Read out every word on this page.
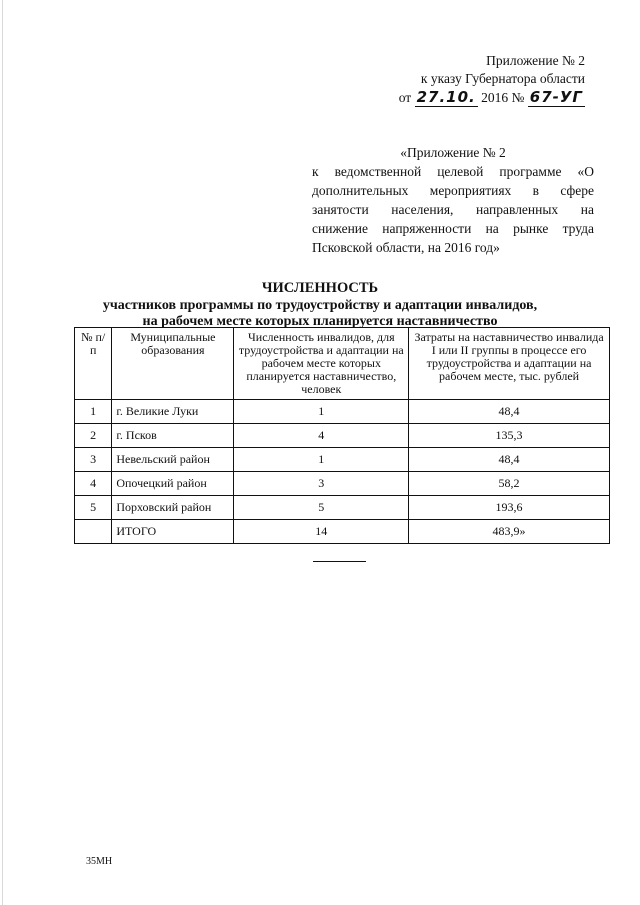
Приложение № 2
к указу Губернатора области
от 27.10. 2016 № 67-УГ
«Приложение № 2
к ведомственной целевой программе «О дополнительных мероприятиях в сфере занятости населения, направленных на снижение напряженности на рынке труда Псковской области, на 2016 год»
ЧИСЛЕННОСТЬ
участников программы по трудоустройству и адаптации инвалидов,
на рабочем месте которых планируется наставничество
№ п/п	Муниципальные образования	Численность инвалидов, для трудоустройства и адаптации на рабочем месте которых планируется наставничество, человек	Затраты на наставничество инвалида I или II группы в процессе его трудоустройства и адаптации на рабочем месте, тыс. рублей
1	г. Великие Луки	1	48,4
2	г. Псков	4	135,3
3	Невельский район	1	48,4
4	Опочецкий район	3	58,2
5	Порховский район	5	193,6
	ИТОГО	14	483,9»
35МН
